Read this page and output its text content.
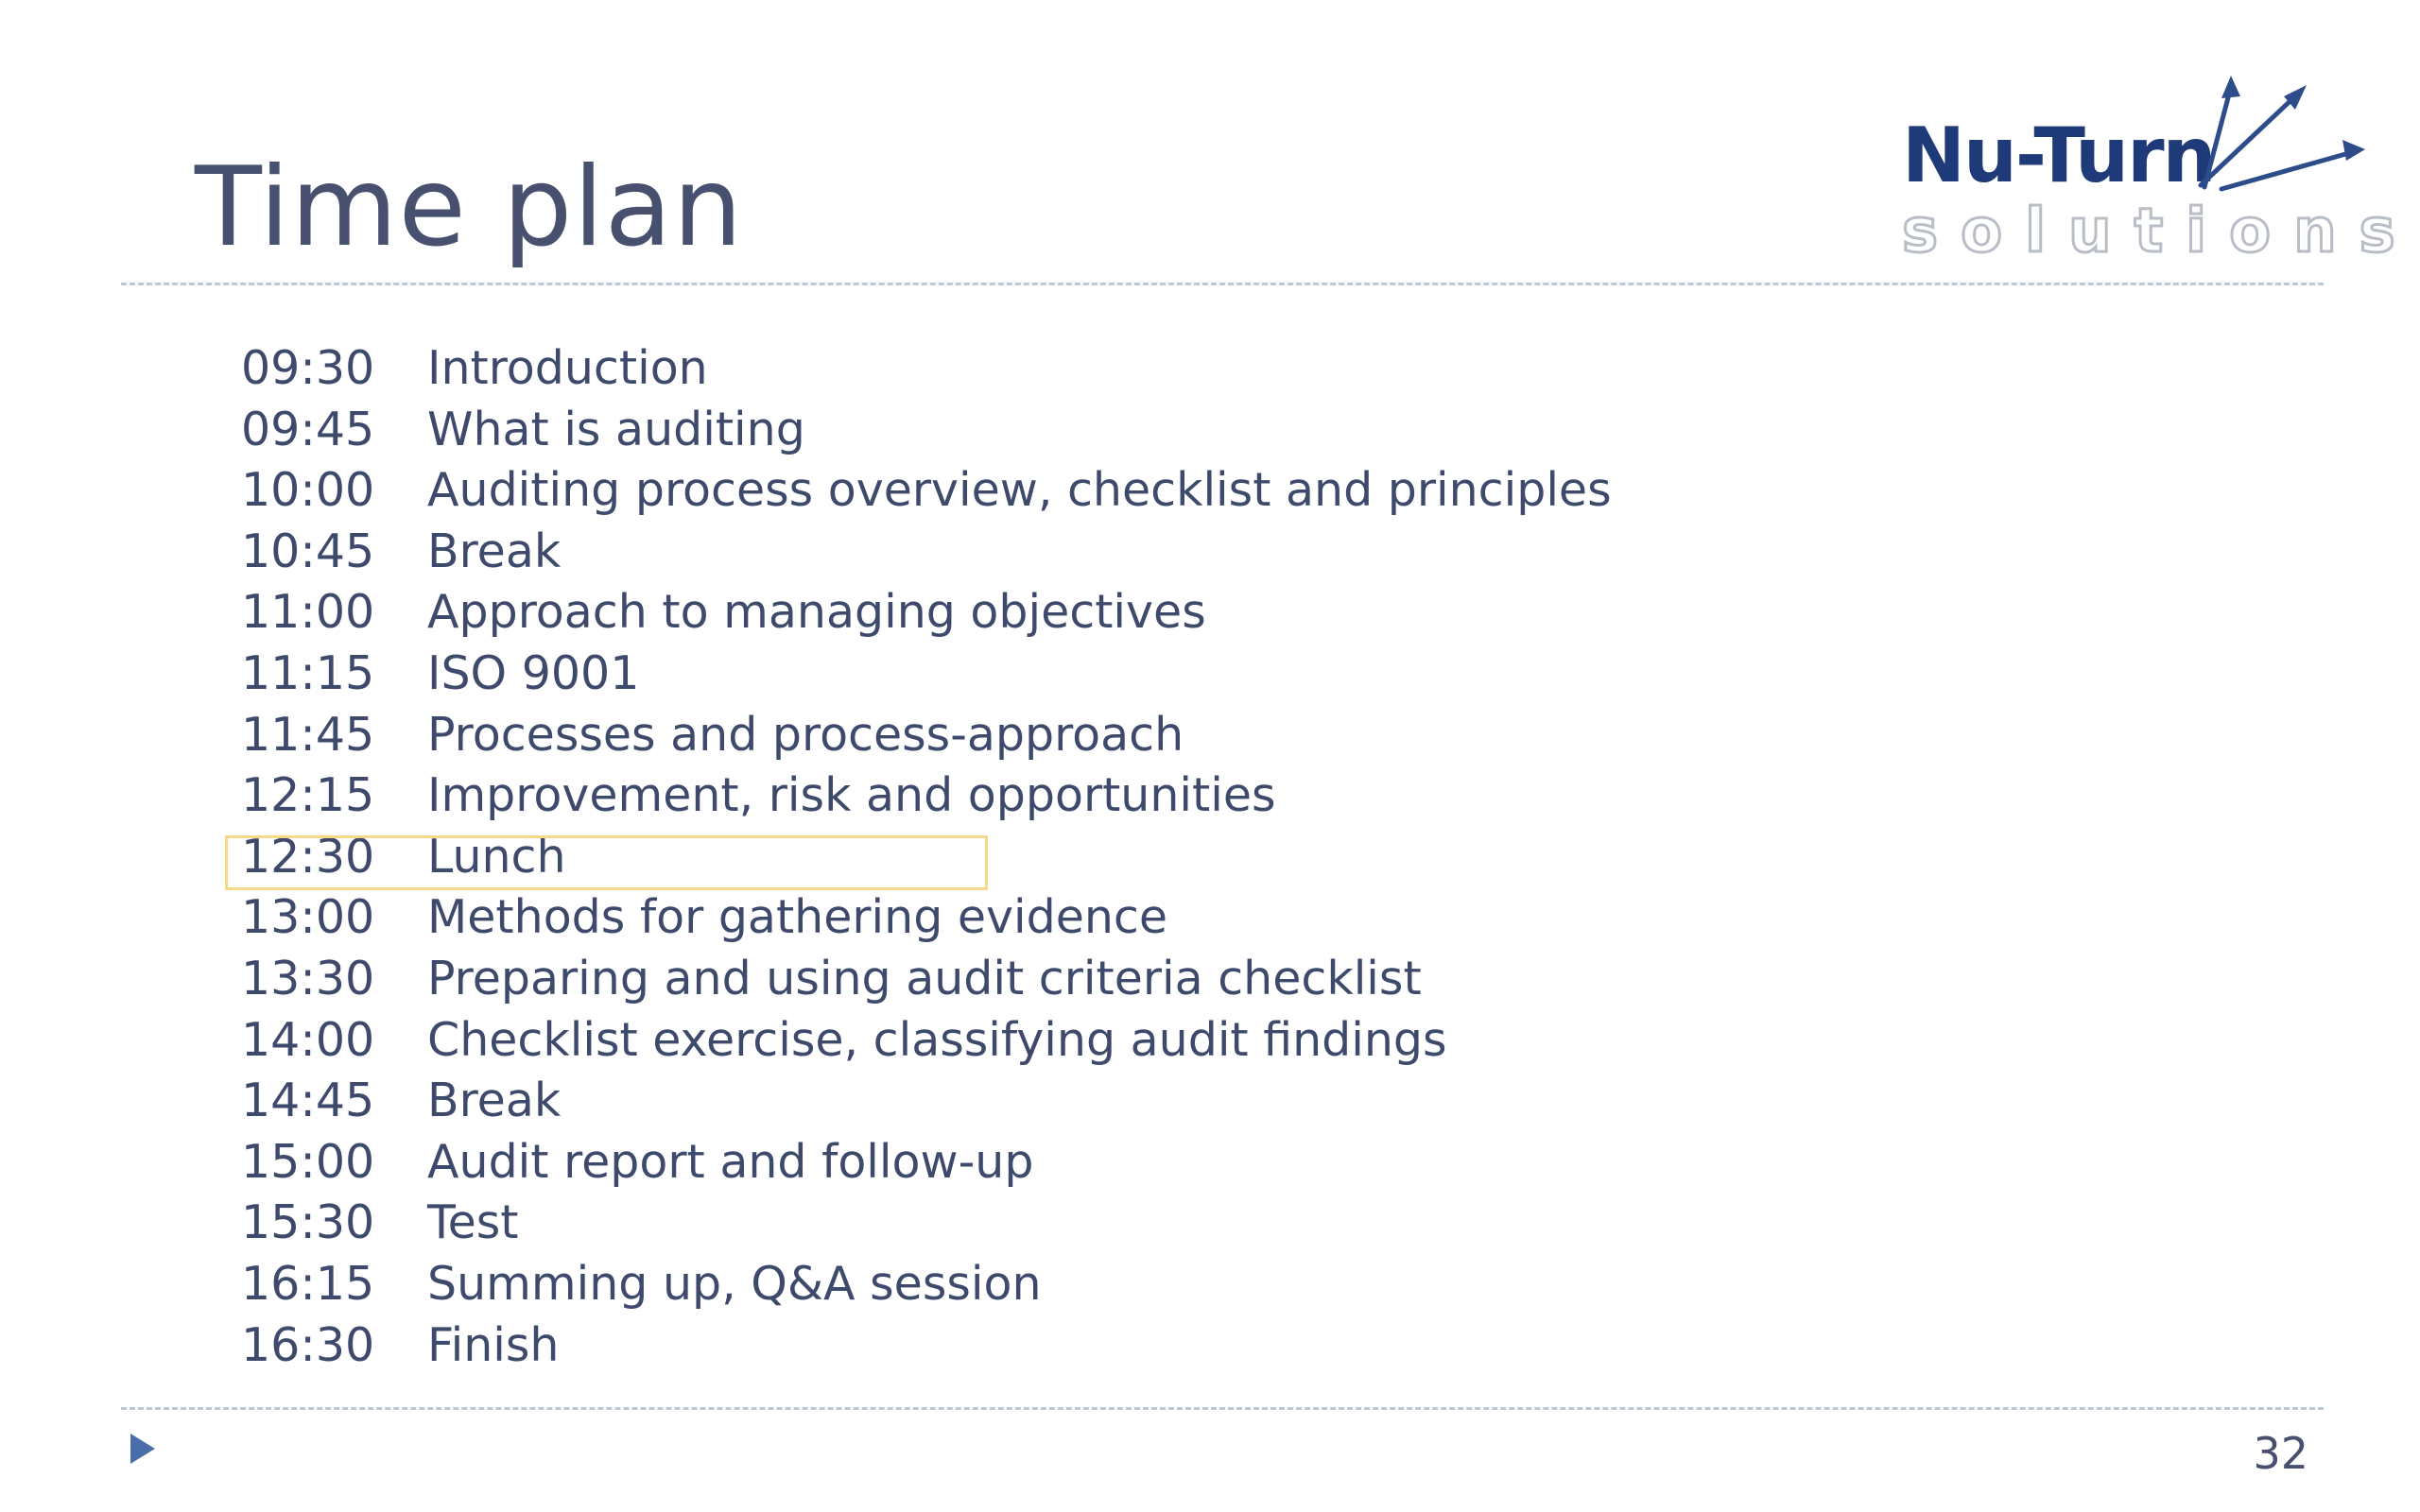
Time plan	Nu-Turn
solutions
09:30 Introduction
09:45 What is auditing
10:00 Auditing process overview, checklist and principles
10:45 Break
11:00 Approach to managing objectives
11:15 ISO 9001
11:45 Processes and process-approach
12:15 Improvement, risk and opportunities
12:30 Lunch
13:00 Methods for gathering evidence
13:30 Preparing and using audit criteria checklist
14:00 Checklist exercise, classifying audit findings
14:45 Break
15:00 Audit report and follow-up
15:30 Test
16:15 Summing up, Q&A session
16:30 Finish
32
